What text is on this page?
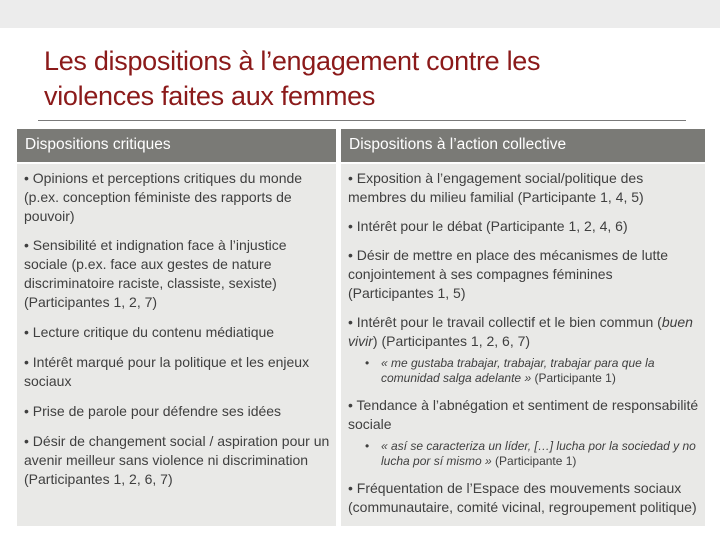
Les dispositions à l’engagement contre les
violences faites aux femmes
Dispositions critiques

• Opinions et perceptions critiques du monde (p.ex. conception féministe des rapports de pouvoir)

• Sensibilité et indignation face à l’injustice sociale (p.ex. face aux gestes de nature discriminatoire raciste, classiste, sexiste) (Participantes 1, 2, 7)

• Lecture critique du contenu médiatique

• Intérêt marqué pour la politique et les enjeux sociaux

• Prise de parole pour défendre ses idées

• Désir de changement social / aspiration pour un avenir meilleur sans violence ni discrimination (Participantes 1, 2, 6, 7)

Dispositions à l’action collective

• Exposition à l’engagement social/politique des membres du milieu familial (Participante 1, 4, 5)

• Intérêt pour le débat (Participante 1, 2, 4, 6)

• Désir de mettre en place des mécanismes de lutte conjointement à ses compagnes féminines (Participantes 1, 5)

• Intérêt pour le travail collectif et le bien commun (buen vivir) (Participantes 1, 2, 6, 7)

• « me gustaba trabajar, trabajar, trabajar para que la comunidad salga adelante » (Participante 1)

• Tendance à l’abnégation et sentiment de responsabilité sociale

• « así se caracteriza un líder, […] lucha por la sociedad y no lucha por sí mismo » (Participante 1)

• Fréquentation de l’Espace des mouvements sociaux (communautaire, comité vicinal, regroupement politique)
